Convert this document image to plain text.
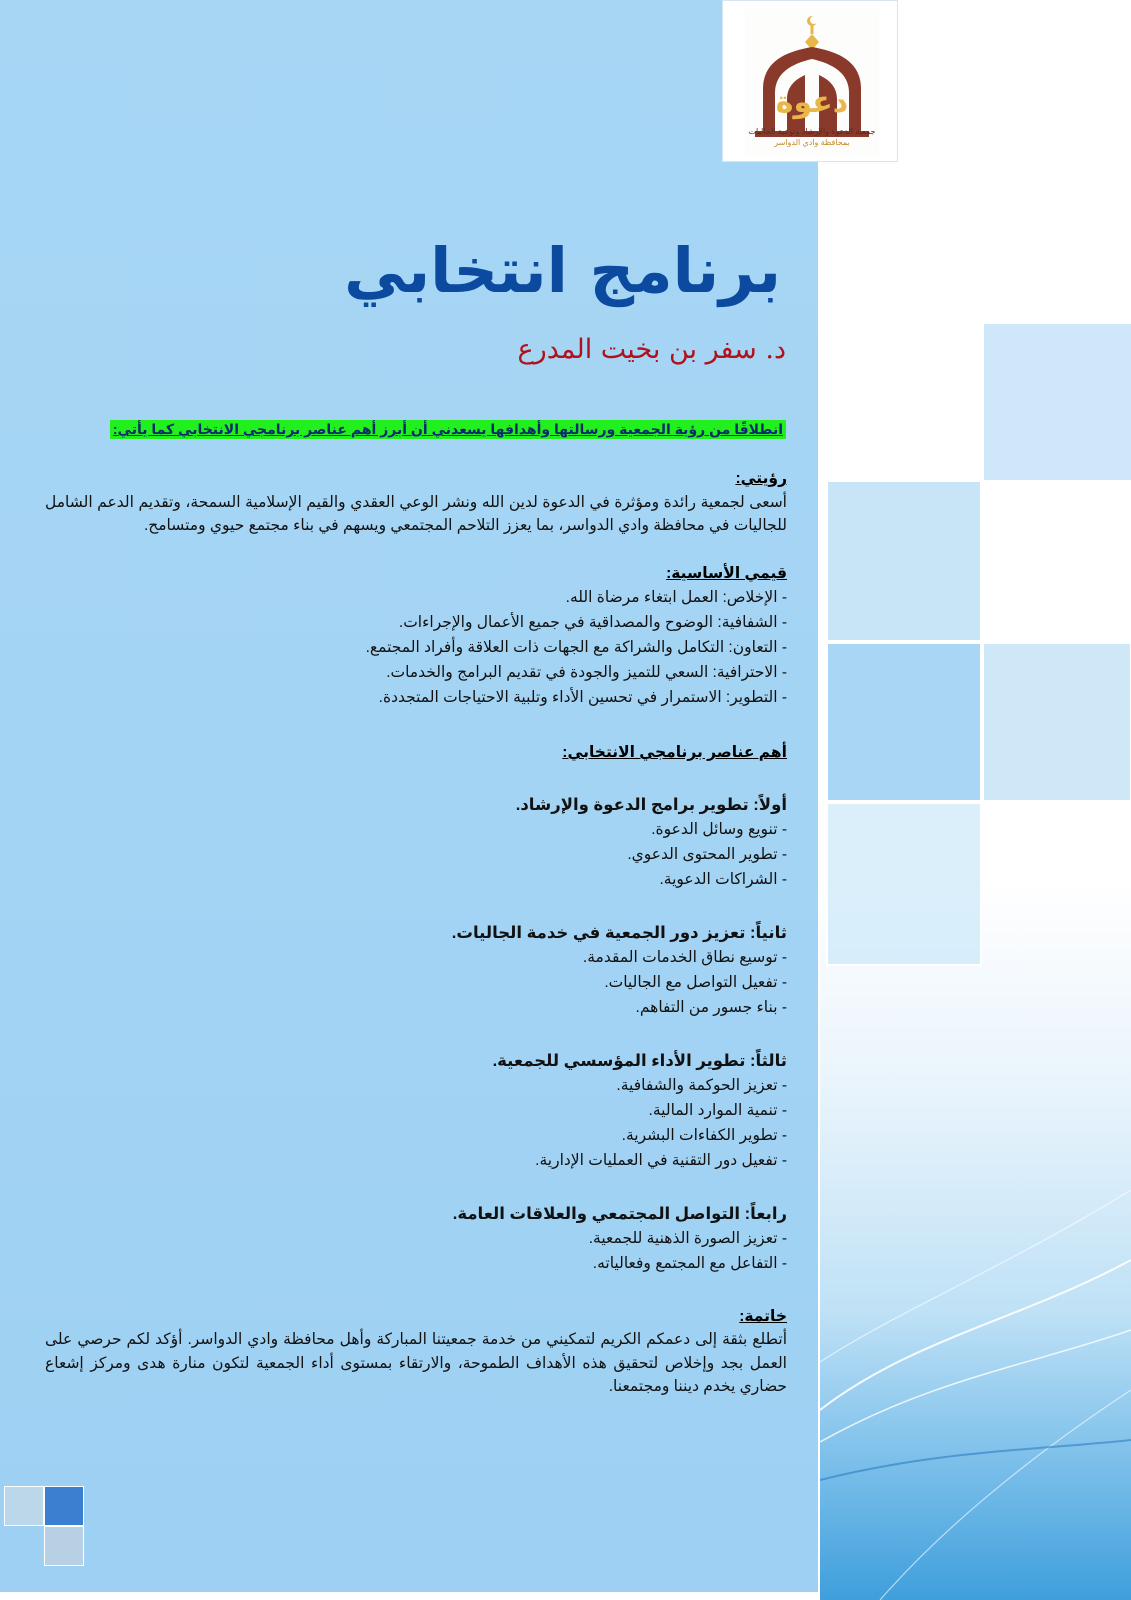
دعوة
جمعية الدعوة والإرشاد وتوعية الجاليات
بمحافظة وادي الدواسر
برنامج انتخابي
د. سفر بن بخيت المدرع
انطلاقًا من رؤية الجمعية ورسالتها وأهدافها يسعدني أن أبرز أهم عناصر برنامجي الانتخابي كما يأتي:
رؤيتي:
أسعى لجمعية رائدة ومؤثرة في الدعوة لدين الله ونشر الوعي العقدي والقيم الإسلامية السمحة، وتقديم الدعم الشامل للجاليات في محافظة وادي الدواسر، بما يعزز التلاحم المجتمعي ويسهم في بناء مجتمع حيوي ومتسامح.
قيمي الأساسية:
- الإخلاص: العمل ابتغاء مرضاة الله.
- الشفافية: الوضوح والمصداقية في جميع الأعمال والإجراءات.
- التعاون: التكامل والشراكة مع الجهات ذات العلاقة وأفراد المجتمع.
- الاحترافية: السعي للتميز والجودة في تقديم البرامج والخدمات.
- التطوير: الاستمرار في تحسين الأداء وتلبية الاحتياجات المتجددة.
أهم عناصر برنامجي الانتخابي:
أولاً: تطوير برامج الدعوة والإرشاد.
- تنويع وسائل الدعوة.
- تطوير المحتوى الدعوي.
- الشراكات الدعوية.
ثانياً: تعزيز دور الجمعية في خدمة الجاليات.
- توسيع نطاق الخدمات المقدمة.
- تفعيل التواصل مع الجاليات.
- بناء جسور من التفاهم.
ثالثاً: تطوير الأداء المؤسسي للجمعية.
- تعزيز الحوكمة والشفافية.
- تنمية الموارد المالية.
- تطوير الكفاءات البشرية.
- تفعيل دور التقنية في العمليات الإدارية.
رابعاً: التواصل المجتمعي والعلاقات العامة.
- تعزيز الصورة الذهنية للجمعية.
- التفاعل مع المجتمع وفعالياته.
خاتمة:
أتطلع بثقة إلى دعمكم الكريم لتمكيني من خدمة جمعيتنا المباركة وأهل محافظة وادي الدواسر. أؤكد لكم حرصي على العمل بجد وإخلاص لتحقيق هذه الأهداف الطموحة، والارتقاء بمستوى أداء الجمعية لتكون منارة هدى ومركز إشعاع حضاري يخدم ديننا ومجتمعنا.
